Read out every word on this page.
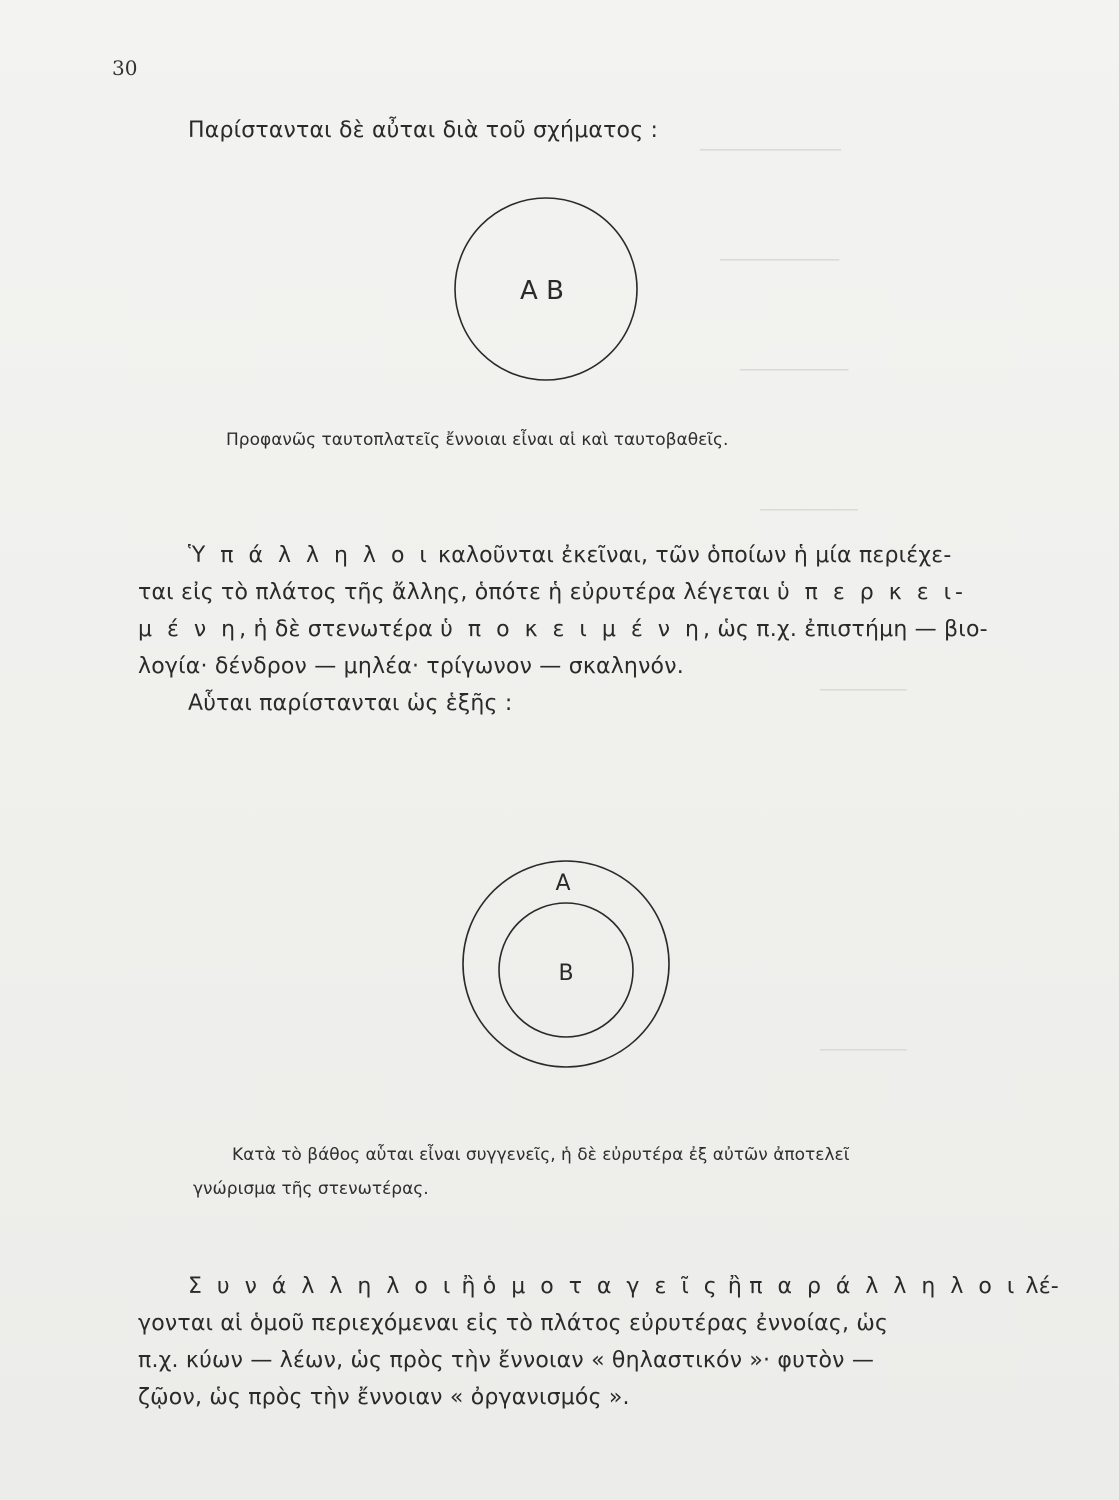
─────────────
───────────
──────────
─────────
────────
────────
30
Παρίστανται δὲ αὖται διὰ τοῦ σχήματος :
A B
Προφανῶς ταυτοπλατεῖς ἔννοιαι εἶναι αἱ καὶ ταυτοβαθεῖς.
Ὑ π ά λ λ η λ ο ι καλοῦνται ἐκεῖναι, τῶν ὁποίων ἡ μία περιέχε-
ται εἰς τὸ πλάτος τῆς ἄλλης, ὁπότε ἡ εὐρυτέρα λέγεται ὑ π ε ρ κ ε ι-
μ έ ν η, ἡ δὲ στενωτέρα ὑ π ο κ ε ι μ έ ν η, ὡς π.χ. ἐπιστήμη — βιο-
λογία· δένδρον — μηλέα· τρίγωνον — σκαληνόν.
Αὗται παρίστανται ὡς ἑξῆς :
A
B
Κατὰ τὸ βάθος αὗται εἶναι συγγενεῖς, ἡ δὲ εὐρυτέρα ἐξ αὐτῶν ἀποτελεῖ
γνώρισμα τῆς στενωτέρας.
Σ υ ν ά λ λ η λ ο ι ἢ ὁ μ ο τ α γ ε ῖ ς ἢ π α ρ ά λ λ η λ ο ι λέ-
γονται αἱ ὁμοῦ περιεχόμεναι εἰς τὸ πλάτος εὐρυτέρας ἐννοίας, ὡς
π.χ. κύων — λέων, ὡς πρὸς τὴν ἔννοιαν « θηλαστικόν »· φυτὸν —
ζῷον, ὡς πρὸς τὴν ἔννοιαν « ὀργανισμός ».
